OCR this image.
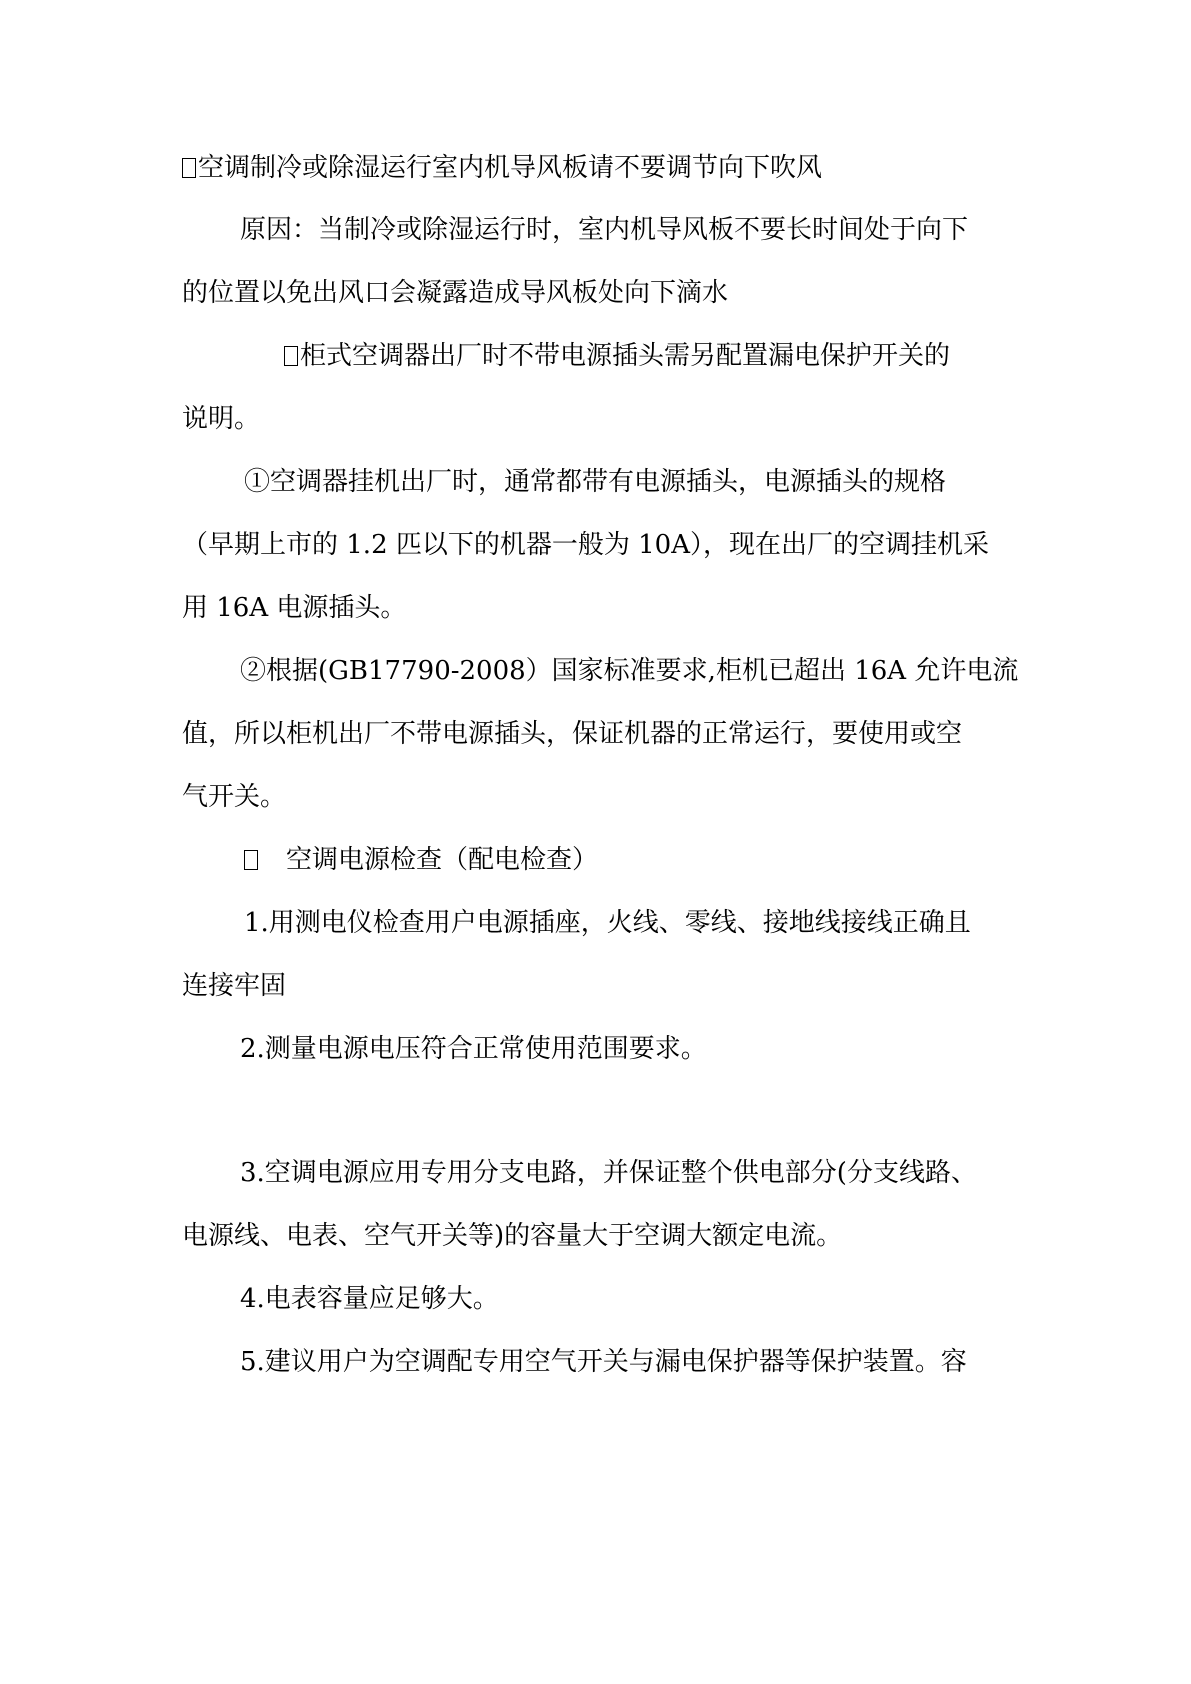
空调制冷或除湿运行室内机导风板请不要调节向下吹风
原因：当制冷或除湿运行时，室内机导风板不要长时间处于向下
的位置以免出风口会凝露造成导风板处向下滴水
柜式空调器出厂时不带电源插头需另配置漏电保护开关的
说明。
①空调器挂机出厂时，通常都带有电源插头，电源插头的规格
（早期上市的 1.2 匹以下的机器一般为 10A），现在出厂的空调挂机采
用 16A 电源插头。
②根据(GB17790-2008）国家标准要求,柜机已超出 16A 允许电流
值，所以柜机出厂不带电源插头，保证机器的正常运行，要使用或空
气开关。
空调电源检查（配电检查）
1.用测电仪检查用户电源插座，火线、零线、接地线接线正确且
连接牢固
2.测量电源电压符合正常使用范围要求。
3.空调电源应用专用分支电路，并保证整个供电部分(分支线路、
电源线、电表、空气开关等)的容量大于空调大额定电流。
4.电表容量应足够大。
5.建议用户为空调配专用空气开关与漏电保护器等保护装置。容
